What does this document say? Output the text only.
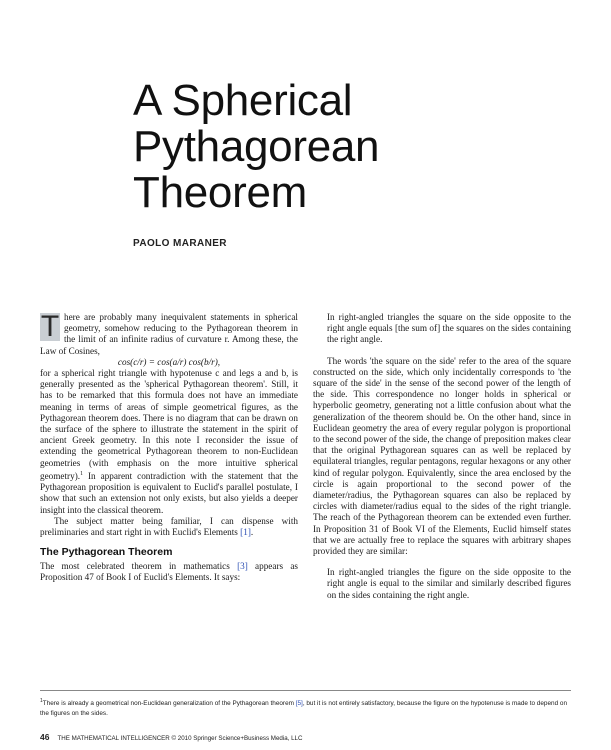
A Spherical
Pythagorean
Theorem
PAOLO MARANER

T here are probably many inequivalent statements in spherical geometry, somehow reducing to the Pythagorean theorem in the limit of an infinite radius of curvature r. Among these, the Law of Cosines,

cos(c/r) = cos(a/r) cos(b/r),

for a spherical right triangle with hypotenuse c and legs a and b, is generally presented as the 'spherical Pythagorean theorem'. Still, it has to be remarked that this formula does not have an immediate meaning in terms of areas of simple geometrical figures, as the Pythagorean theorem does. There is no diagram that can be drawn on the surface of the sphere to illustrate the statement in the spirit of ancient Greek geometry. In this note I reconsider the issue of extending the geometrical Pythagorean theorem to non-Euclidean geometries (with emphasis on the more intuitive spherical geometry).$^1$ In apparent contradiction with the statement that the Pythagorean proposition is equivalent to Euclid's parallel postulate, I show that such an extension not only exists, but also yields a deeper insight into the classical theorem.

The subject matter being familiar, I can dispense with preliminaries and start right in with Euclid's Elements [1].

The Pythagorean Theorem

The most celebrated theorem in mathematics [3] appears as Proposition 47 of Book I of Euclid's Elements. It says:

In right-angled triangles the square on the side opposite to the right angle equals [the sum of] the squares on the sides containing the right angle.

The words 'the square on the side' refer to the area of the square constructed on the side, which only incidentally corresponds to 'the square of the side' in the sense of the second power of the length of the side. This correspondence no longer holds in spherical or hyperbolic geometry, generating not a little confusion about what the generalization of the theorem should be. On the other hand, since in Euclidean geometry the area of every regular polygon is proportional to the second power of the side, the change of preposition makes clear that the original Pythagorean squares can as well be replaced by equilateral triangles, regular pentagons, regular hexagons or any other kind of regular polygon. Equivalently, since the area enclosed by the circle is again proportional to the second power of the diameter/radius, the Pythagorean squares can also be replaced by circles with diameter/radius equal to the sides of the right triangle. The reach of the Pythagorean theorem can be extended even further. In Proposition 31 of Book VI of the Elements, Euclid himself states that we are actually free to replace the squares with arbitrary shapes provided they are similar:

In right-angled triangles the figure on the side opposite to the right angle is equal to the similar and similarly described figures on the sides containing the right angle.

$^1$There is already a geometrical non-Euclidean generalization of the Pythagorean theorem [5], but it is not entirely satisfactory, because the figure on the hypotenuse is made to depend on the figures on the sides.
46 THE MATHEMATICAL INTELLIGENCER © 2010 Springer Science+Business Media, LLC
